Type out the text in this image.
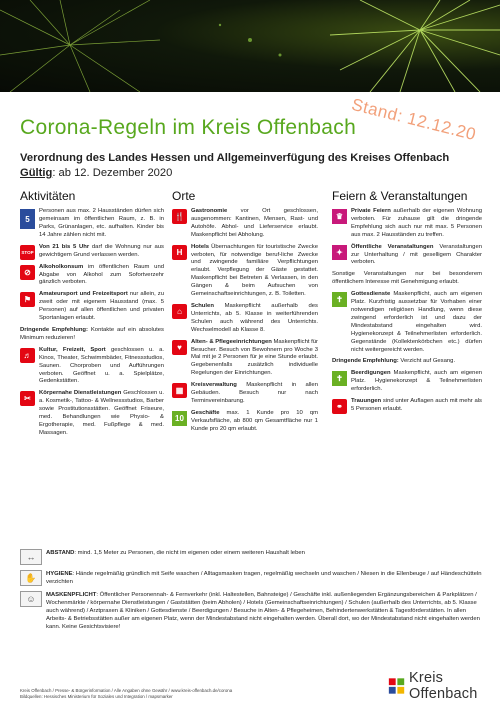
Stand: 12.12.20
Corona-Regeln im Kreis Offenbach
Verordnung des Landes Hessen und Allgemeinverfügung des Kreises Offenbach
Gültig: ab 12. Dezember 2020
Aktivitäten
5
Personen aus max. 2 Hausständen dürfen sich gemeinsam im öffentlichen Raum, z. B. in Parks, Grünanlagen, etc. aufhalten. Kinder bis 14 Jahre zählen nicht mit.
STOP
Von 21 bis 5 Uhr darf die Wohnung nur aus gewichtigem Grund verlassen werden.
⊘
Alkoholkonsum im öffentlichen Raum und Abgabe von Alkohol zum Sofortverzehr gänzlich verboten.
⚑
Amateursport und Freizeitsport nur allein, zu zweit oder mit eigenem Hausstand (max. 5 Personen) auf allen öffentlichen und privaten Sportanlagen erlaubt.
Dringende Empfehlung: Kontakte auf ein absolutes Minimum reduzieren!
♬
Kultur, Freizeit, Sport geschlossen u. a. Kinos, Theater, Schwimmbäder, Fitnessstudios, Saunen. Chorproben und Aufführungen verboten. Geöffnet u. a. Spielplätze, Gedenkstätten.
✂
Körpernahe Dienstleistungen Geschlossen u. a. Kosmetik-, Tattoo- & Wellnessstudios, Barber sowie Prostitutionsstätten. Geöffnet Friseure, med. Behandlungen wie Physio- & Ergotherapie, med. Fußpflege & med. Massagen.
Orte
🍴
Gastronomie vor Ort geschlossen, ausgenommen: Kantinen, Mensen, Rast- und Autohöfe. Abhol- und Lieferservice erlaubt. Maskenpflicht bei Abholung.
H
Hotels Übernachtungen für touristische Zwecke verboten, für notwendige beruf-liche Zwecke und zwingende familiäre Verpflichtungen erlaubt. Verpflegung der Gäste gestattet. Maskenpflicht bei Betreten & Verlassen, in den Gängen & beim Aufsuchen von Gemeinschaftseinrichtungen, z. B. Toiletten.
⌂
Schulen Maskenpflicht außerhalb des Unterrichts, ab 5. Klasse in weiterführenden Schulen auch während des Unterrichts. Wechselmodell ab Klasse 8.
♥
Alten- & Pflegeeinrichtungen Maskenpflicht für Besucher. Besuch von Bewohnern pro Woche 3 Mal mit je 2 Personen für je eine Stunde erlaubt. Gegebenenfalls zusätzlich individuelle Regelungen der Einrichtungen.
▦
Kreisverwaltung Maskenpflicht in allen Gebäuden. Besuch nur nach Terminvereinbarung.
10
Geschäfte max. 1 Kunde pro 10 qm Verkaufsfläche, ab 800 qm Gesamtfläche nur 1 Kunde pro 20 qm erlaubt.
Feiern & Veranstaltungen
♛
Private Feiern außerhalb der eigenen Wohnung verboten. Für zuhause gilt die dringende Empfehlung sich auch nur mit max. 5 Personen aus max. 2 Hausständen zu treffen.
✦
Öffentliche Veranstaltungen Veranstaltungen zur Unterhaltung / mit geselligem Charakter verboten.
Sonstige Veranstaltungen nur bei besonderem öffentlichem Interesse mit Genehmigung erlaubt.
✝
Gottesdienste Maskenpflicht, auch am eigenen Platz. Kurzfristig aussetzbar für Vorhaben einer notwendigen religiösen Handlung, wenn diese zwingend erforderlich ist und dazu der Mindestabstand eingehalten wird. Hygienekonzept & Teilnehmerlisten erforderlich. Gegenstände (Kollektenkörbchen etc.) dürfen nicht weitergereicht werden.
Dringende Empfehlung: Verzicht auf Gesang.
✝
Beerdigungen Maskenpflicht, auch am eigenen Platz. Hygienekonzept & Teilnehmerlisten erforderlich.
⚭
Trauungen sind unter Auflagen auch mit mehr als 5 Personen erlaubt.
↔	ABSTAND: mind. 1,5 Meter zu Personen, die nicht im eigenen oder einem weiteren Haushalt leben
✋	HYGIENE: Hände regelmäßig gründlich mit Seife waschen / Alltagsmasken tragen, regelmäßig wechseln und waschen / Niesen in die Ellenbeuge / auf Händeschütteln verzichten
☺	MASKENPFLICHT: Öffentlicher Personennah- & Fernverkehr (inkl. Haltestellen, Bahnsteige) / Geschäfte inkl. außenliegenden Ergänzungsbereichen & Parkplätzen / Wochenmärkte / körpernahe Dienstleistungen / Gaststätten (beim Abholen) / Hotels (Gemeinschaftseinrichtungen) / Schulen (außerhalb des Unterrichts, ab 5. Klasse auch während) / Arztpraxen & Kliniken / Gottesdienste / Beerdigungen / Besuche in Alten- & Pflegeheimen, Behindertenwerkstätten & Tagesförderstätten. In allen Arbeits- & Betriebsstätten außer am eigenen Platz, wenn der Mindestabstand nicht eingehalten werden. Überall dort, wo der Mindestabstand nicht eingehalten werden kann. Keine Gesichtsvisiere!
Kreis Offenbach / Presse- & Bürgerinformation / Alle Angaben ohne Gewähr / www.kreis-offenbach.de/corona
Bildquellen: Hessisches Ministerium für Soziales und Integration / mapsmarker
Kreis Offenbach
